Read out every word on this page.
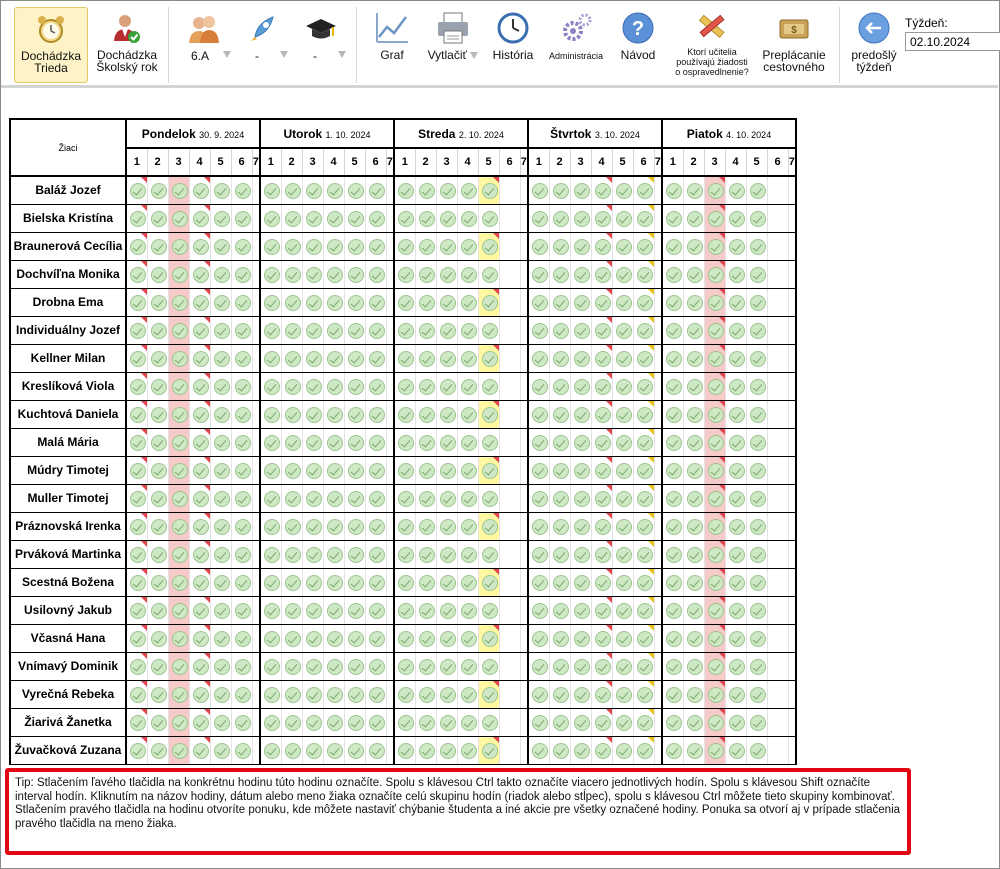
Dochádzka
Trieda
Dochádzka
Školský rok
6.A	-	-	Graf	Vytlačiť	História	Administrácia
?
Návod	Ktorí učitelia
používajú žiadosti
o ospravedlnenie?
$
Preplácanie
cestovného
predošlý
týždeň
Týždeň:
02.10.2024
Žiaci	Pondelok 30. 9. 2024							Utorok 1. 10. 2024							Streda 2. 10. 2024							Štvrtok 3. 10. 2024							Piatok 4. 10. 2024						
	1	2	3	4	5	6	7	1	2	3	4	5	6	7	1	2	3	4	5	6	7	1	2	3	4	5	6	7	1	2	3	4	5	6	7
Baláž Jozef	

Bielska Kristína	

Braunerová Cecília	

Dochvíľna Monika	

Drobna Ema	

Individuálny Jozef	

Kellner Milan	

Kreslíková Viola	

Kuchtová Daniela	

Malá Mária	

Múdry Timotej	

Muller Timotej	

Práznovská Irenka	

Prváková Martinka	

Scestná Božena	

Usilovný Jakub	

Včasná Hana	

Vnímavý Dominik	

Vyrečná Rebeka	

Žiarivá Žanetka	

Žuvačková Zuzana	

Tip: Stlačením ľavého tlačidla na konkrétnu hodinu túto hodinu označíte. Spolu s klávesou Ctrl takto označíte viacero jednotlivých hodín. Spolu s klávesou Shift označíte interval hodín. Kliknutím na názov hodiny, dátum alebo meno žiaka označíte celú skupinu hodín (riadok alebo stĺpec), spolu s klávesou Ctrl môžete tieto skupiny kombinovať.
Stlačením pravého tlačidla na hodinu otvoríte ponuku, kde môžete nastaviť chýbanie študenta a iné akcie pre všetky označené hodiny. Ponuka sa otvorí aj v prípade stlačenia pravého tlačidla na meno žiaka.
